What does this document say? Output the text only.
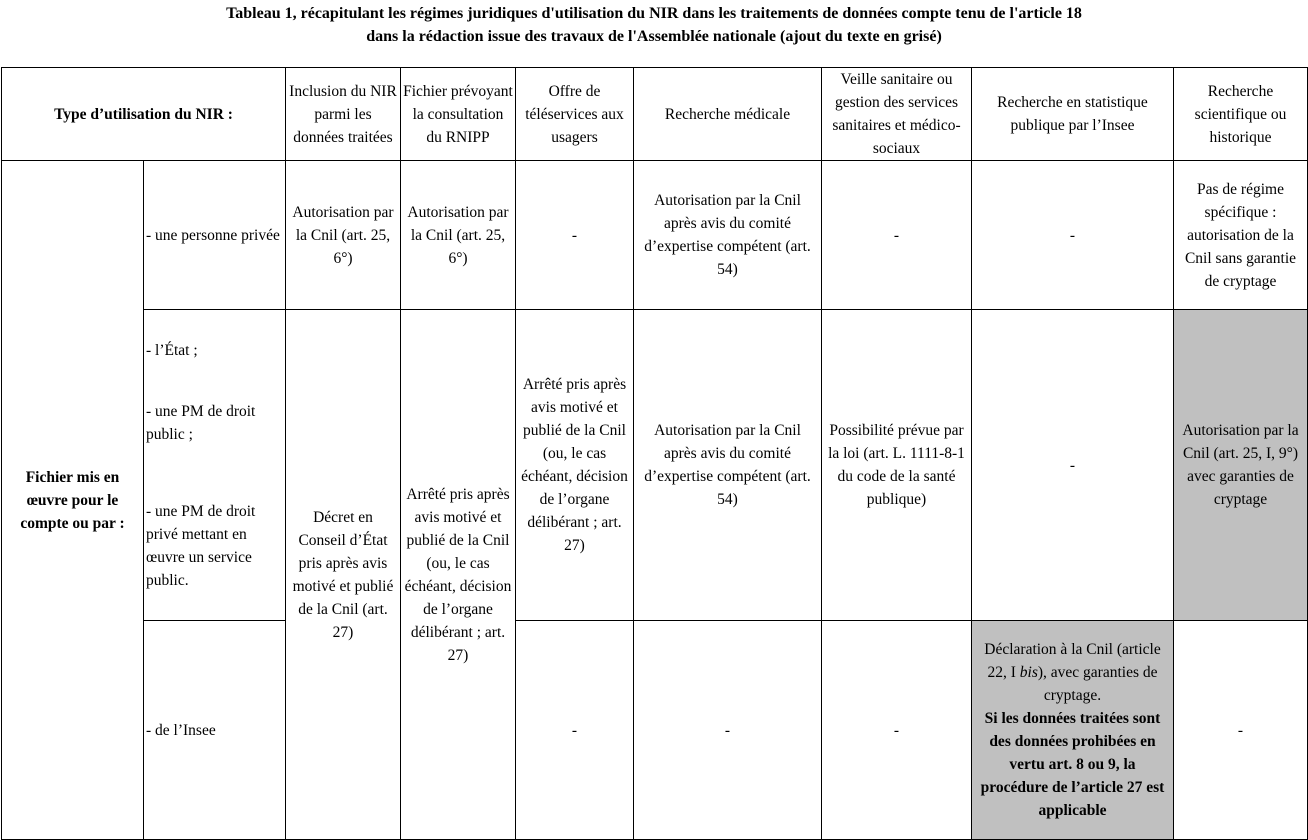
Tableau 1, récapitulant les régimes juridiques d'utilisation du NIR dans les traitements de données compte tenu de l'article 18
dans la rédaction issue des travaux de l'Assemblée nationale (ajout du texte en grisé)
Type d’utilisation du NIR :		Inclusion du NIR parmi les données traitées	Fichier prévoyant la consultation du RNIPP	Offre de téléservices aux usagers	Recherche médicale	Veille sanitaire ou gestion des services sanitaires et médico-sociaux	Recherche en statistique publique par l’Insee	Recherche scientifique ou historique
Fichier mis en œuvre pour le compte ou par :	- une personne privée	Autorisation par la Cnil (art. 25, 6°)	Autorisation par la Cnil (art. 25, 6°)	-	Autorisation par la Cnil après avis du comité d’expertise compétent (art. 54)	-	-	Pas de régime spécifique : autorisation de la Cnil sans garantie de cryptage

	- l’État ;
- une PM de droit public ;
- une PM de droit privé mettant en œuvre un service public.	Décret en Conseil d’État pris après avis motivé et publié de la Cnil (art. 27)	Arrêté pris après avis motivé et publié de la Cnil (ou, le cas échéant, décision de l’organe délibérant ; art. 27)	Arrêté pris après avis motivé et publié de la Cnil (ou, le cas échéant, décision de l’organe délibérant ; art. 27)	Autorisation par la Cnil après avis du comité d’expertise compétent (art. 54)	Possibilité prévue par la loi (art. L. 1111-8-1 du code de la santé publique)	-	Autorisation par la Cnil (art. 25, I, 9°) avec garanties de cryptage
	- de l’Insee			-	-	-	Déclaration à la Cnil (article 22, I bis), avec garanties de cryptage.
Si les données traitées sont des données prohibées en vertu art. 8 ou 9, la procédure de l’article 27 est applicable	-
